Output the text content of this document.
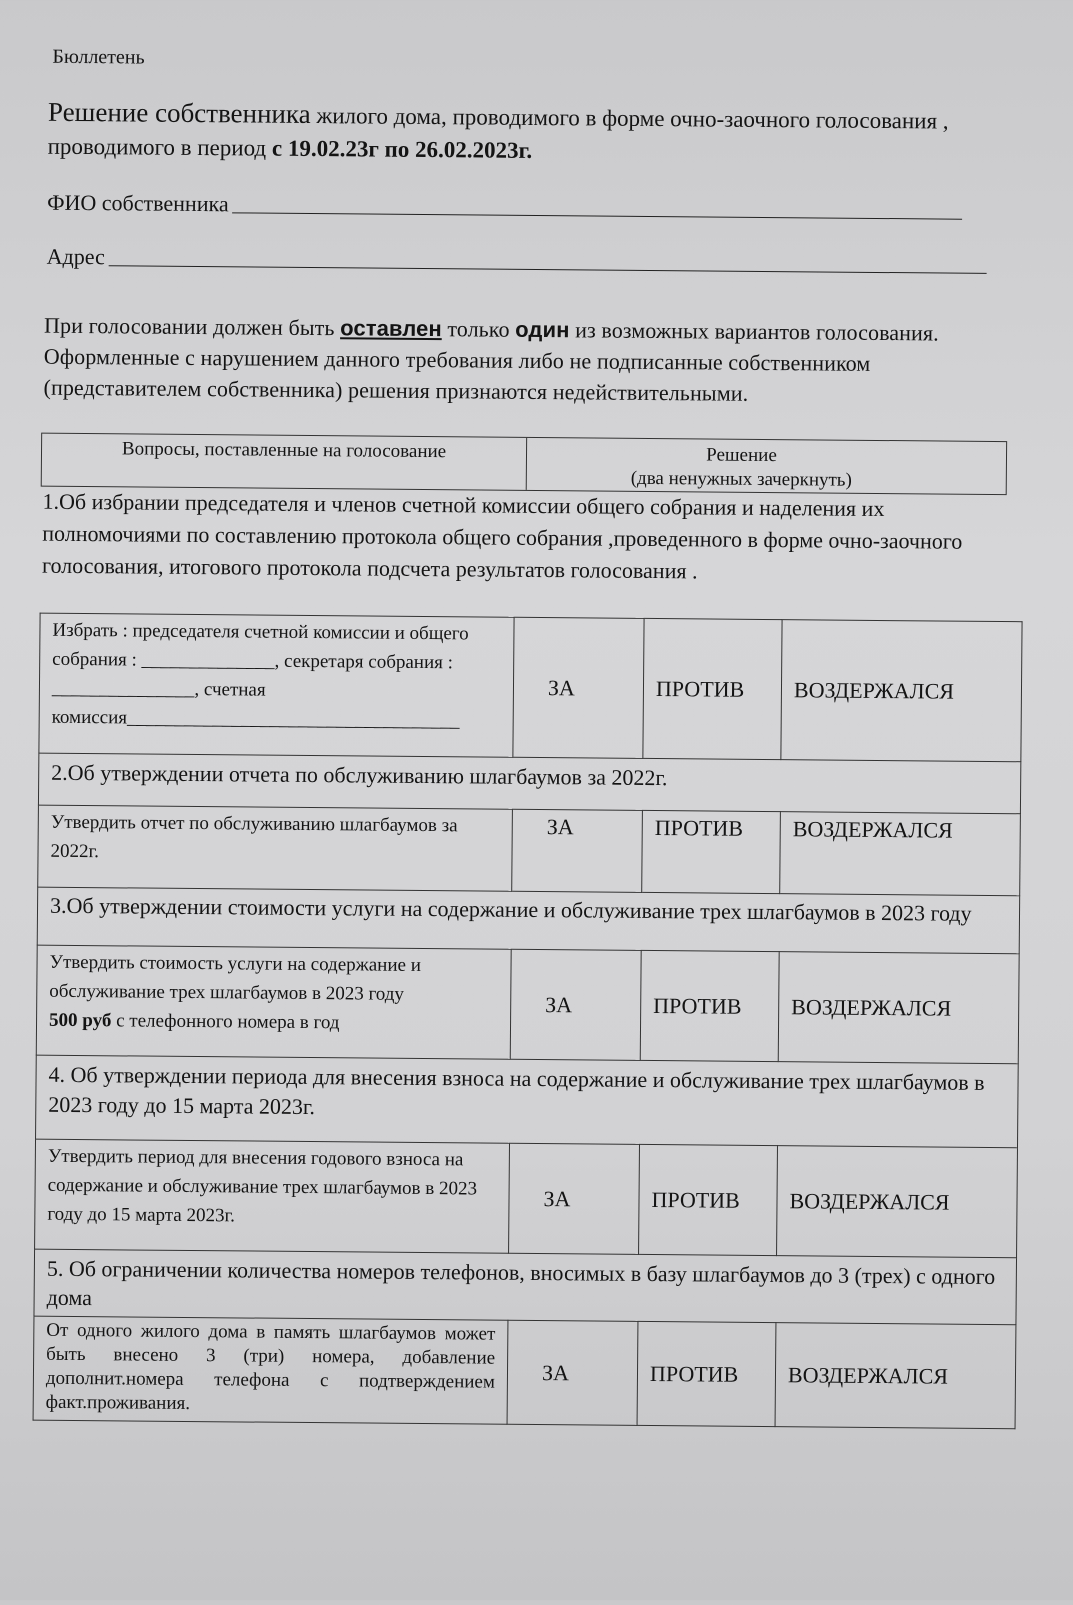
Бюллетень
Решение собственника жилого дома, проводимого в форме очно-заочного голосования , проводимого в период с 19.02.23г по 26.02.2023г.
ФИО собственника
Адрес
При голосовании должен быть оставлен только один из возможных вариантов голосования. Оформленные с нарушением данного требования либо не подписанные собственником (представителем собственника) решения признаются недействительными.
Вопросы, поставленные на голосование	Решение
(два ненужных зачеркнуть)
1.Об избрании председателя и членов счетной комиссии общего собрания и наделения их полномочиями по составлению протокола общего собрания ,проведенного в форме очно-заочного голосования, итогового протокола подсчета результатов голосования .
Избрать : председателя счетной комиссии и общего собрания : ______________, секретаря собрания : _______________, счетная комиссия___________________________________	ЗА	ПРОТИВ	ВОЗДЕРЖАЛСЯ
2.Об утверждении отчета по обслуживанию шлагбаумов за 2022г.			
Утвердить отчет по обслуживанию шлагбаумов за 2022г.	ЗА	ПРОТИВ	ВОЗДЕРЖАЛСЯ
3.Об утверждении стоимости услуги на содержание и обслуживание трех шлагбаумов в 2023 году			
Утвердить стоимость услуги на содержание и обслуживание трех шлагбаумов в 2023 году
500 руб с телефонного номера в год	ЗА	ПРОТИВ	ВОЗДЕРЖАЛСЯ
4. Об утверждении периода для внесения взноса на содержание и обслуживание трех шлагбаумов в 2023 году до 15 марта 2023г.			
Утвердить период для внесения годового взноса на содержание и обслуживание трех шлагбаумов в 2023 году до 15 марта 2023г.	ЗА	ПРОТИВ	ВОЗДЕРЖАЛСЯ
5. Об ограничении количества номеров телефонов, вносимых в базу шлагбаумов до 3 (трех) с одного дома			
От одного жилого дома в память шлагбаумов может быть внесено 3 (три) номера, добавление дополнит.номера телефона с подтверждением факт.проживания.	ЗА	ПРОТИВ	ВОЗДЕРЖАЛСЯ
